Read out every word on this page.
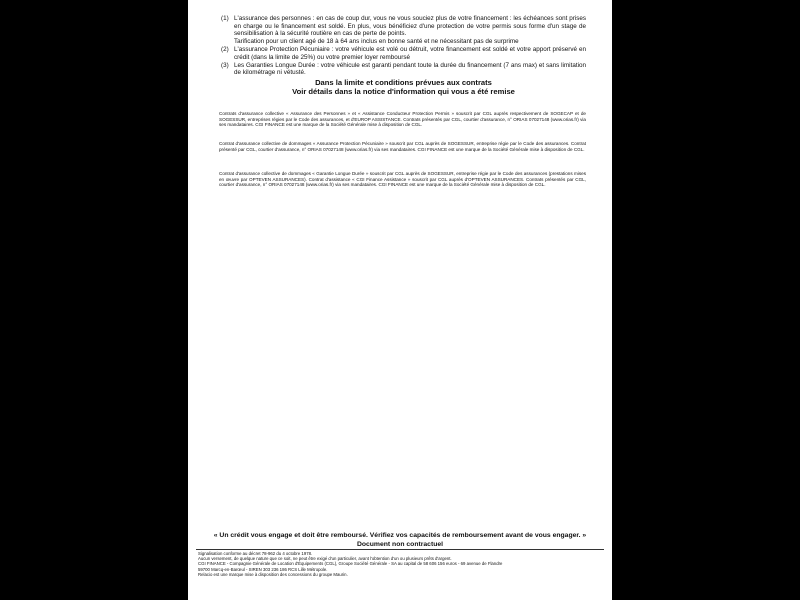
(1) L'assurance des personnes : en cas de coup dur, vous ne vous souciez plus de votre financement : les échéances sont prises en charge ou le financement est soldé. En plus, vous bénéficiez d'une protection de votre permis sous forme d'un stage de sensibilisation à la sécurité routière en cas de perte de points.
Tarification pour un client agé de 18 à 64 ans inclus en bonne santé et ne nécessitant pas de surprime
(2) L'assurance Protection Pécuniaire : votre véhicule est volé ou détruit, votre financement est soldé et votre apport préservé en crédit (dans la limite de 25%) ou votre premier loyer remboursé
(3) Les Garanties Longue Durée : votre véhicule est garanti pendant toute la durée du financement (7 ans max) et sans limitation de kilométrage ni vétusté.
Dans la limite et conditions prévues aux contrats
Voir détails dans la notice d'information qui vous a été remise
Contrats d'assurance collective « Assurance des Personnes » et « Assistance Conducteur Protection Permis » souscrit par CGL auprès respectivement de SOGECAP et de SOGESSUR, entreprises régies par le Code des assurances, et d'EUROP ASSISTANCE. Contrats présentés par CGL, courtier d'assurance, n° ORIAS 07027148 (www.orias.fr) via ses mandataires. CGI FINANCE est une marque de la Société Générale mise à disposition de CGL.
Contrat d'assurance collective de dommages « Assurance Protection Pécuniaire » souscrit par CGL auprès de SOGESSUR, entreprise régie par le Code des assurances. Contrat présenté par CGL, courtier d'assurance, n° ORIAS 07027148 (www.orias.fr) via ses mandataires. CGI FINANCE est une marque de la Société Générale mise à disposition de CGL.
Contrat d'assurance collective de dommages « Garantie Longue Durée » souscrit par CGL auprès de SOGESSUR, entreprise régie par le Code des assurances (prestations mises en œuvre par OPTEVEN ASSURANCES). Contrat d'assistance « CGI Finance Assistance » souscrit par CGL auprès d'OPTEVEN ASSURANCES. Contrats présentés par CGL, courtier d'assurance, n° ORIAS 07027148 (www.orias.fr) via ses mandataires. CGI FINANCE est une marque de la Société Générale mise à disposition de CGL.
« Un crédit vous engage et doit être remboursé. Vérifiez vos capacités de remboursement avant de vous engager. »
Document non contractuel
Signalisation conforme au décret 78-962 du 4 octobre 1978.
Aucun versement, de quelque nature que ce soit, ne peut être exigé d'un particulier, avant l'obtention d'un ou plusieurs prêts d'argent.
CGI FINANCE - Compagnie Générale de Location d'Équipements (CGL), Groupe Société Générale - SA au capital de 58 606 156 euros - 69 avenue de Flandre
59700 Marcq-en-Barœul - SIREN 303 236 186 RCS Lille Métropole.
Relacio est une marque mise à disposition des concessions du groupe Maurin.
